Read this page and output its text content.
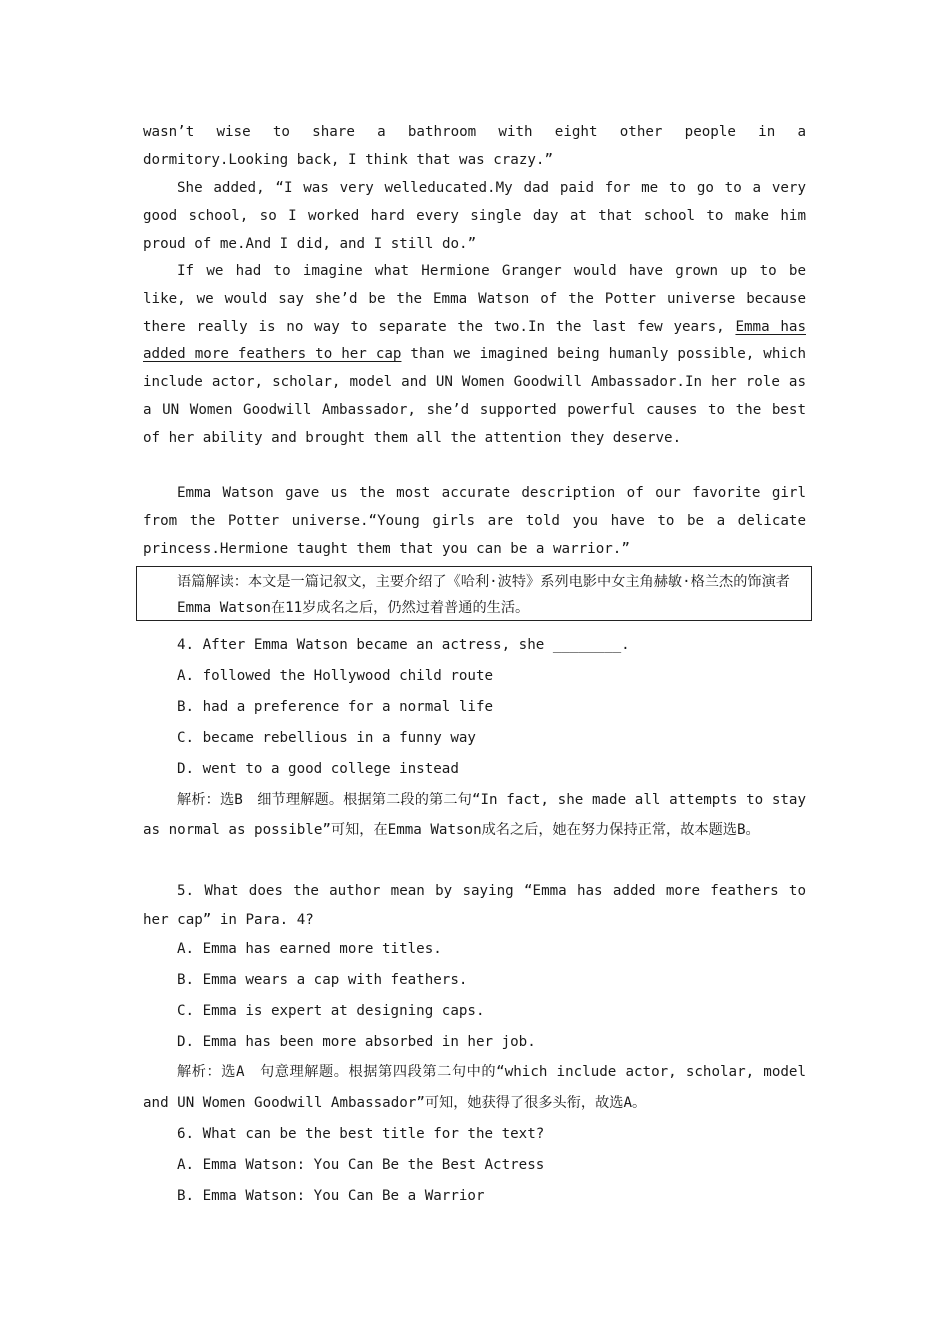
wasn’t wise to share a bathroom with eight other people in a dormitory.Looking back, I think that was crazy.”

She added, “I was very welleducated.My dad paid for me to go to a very good school, so I worked hard every single day at that school to make him proud of me.And I did, and I still do.”

If we had to imagine what Hermione Granger would have grown up to be like, we would say she’d be the Emma Watson of the Potter universe because there really is no way to separate the two.In the last few years, Emma has added more feathers to her cap than we imagined being humanly possible, which include actor, scholar, model and UN Women Goodwill Ambassador.In her role as a UN Women Goodwill Ambassador, she’d supported powerful causes to the best of her ability and brought them all the attention they deserve.

Emma Watson gave us the most accurate description of our favorite girl from the Potter universe.“Young girls are told you have to be a delicate princess.Hermione taught them that you can be a warrior.”

语篇解读：本文是一篇记叙文，主要介绍了《哈利·波特》系列电影中女主角赫敏·格兰杰的饰演者Emma Watson在11岁成名之后，仍然过着普通的生活。

4. After Emma Watson became an actress, she ________.

A. followed the Hollywood child route

B. had a preference for a normal life

C. became rebellious in a funny way

D. went to a good college instead

解析：选B　细节理解题。根据第二段的第二句“In fact, she made all attempts to stay as normal as possible”可知，在Emma Watson成名之后，她在努力保持正常，故本题选B。

5. What does the author mean by saying “Emma has added more feathers to her cap” in Para. 4?

A. Emma has earned more titles.

B. Emma wears a cap with feathers.

C. Emma is expert at designing caps.

D. Emma has been more absorbed in her job.

解析：选A　句意理解题。根据第四段第二句中的“which include actor, scholar, model and UN Women Goodwill Ambassador”可知，她获得了很多头衔，故选A。

6. What can be the best title for the text?

A. Emma Watson: You Can Be the Best Actress

B. Emma Watson: You Can Be a Warrior
